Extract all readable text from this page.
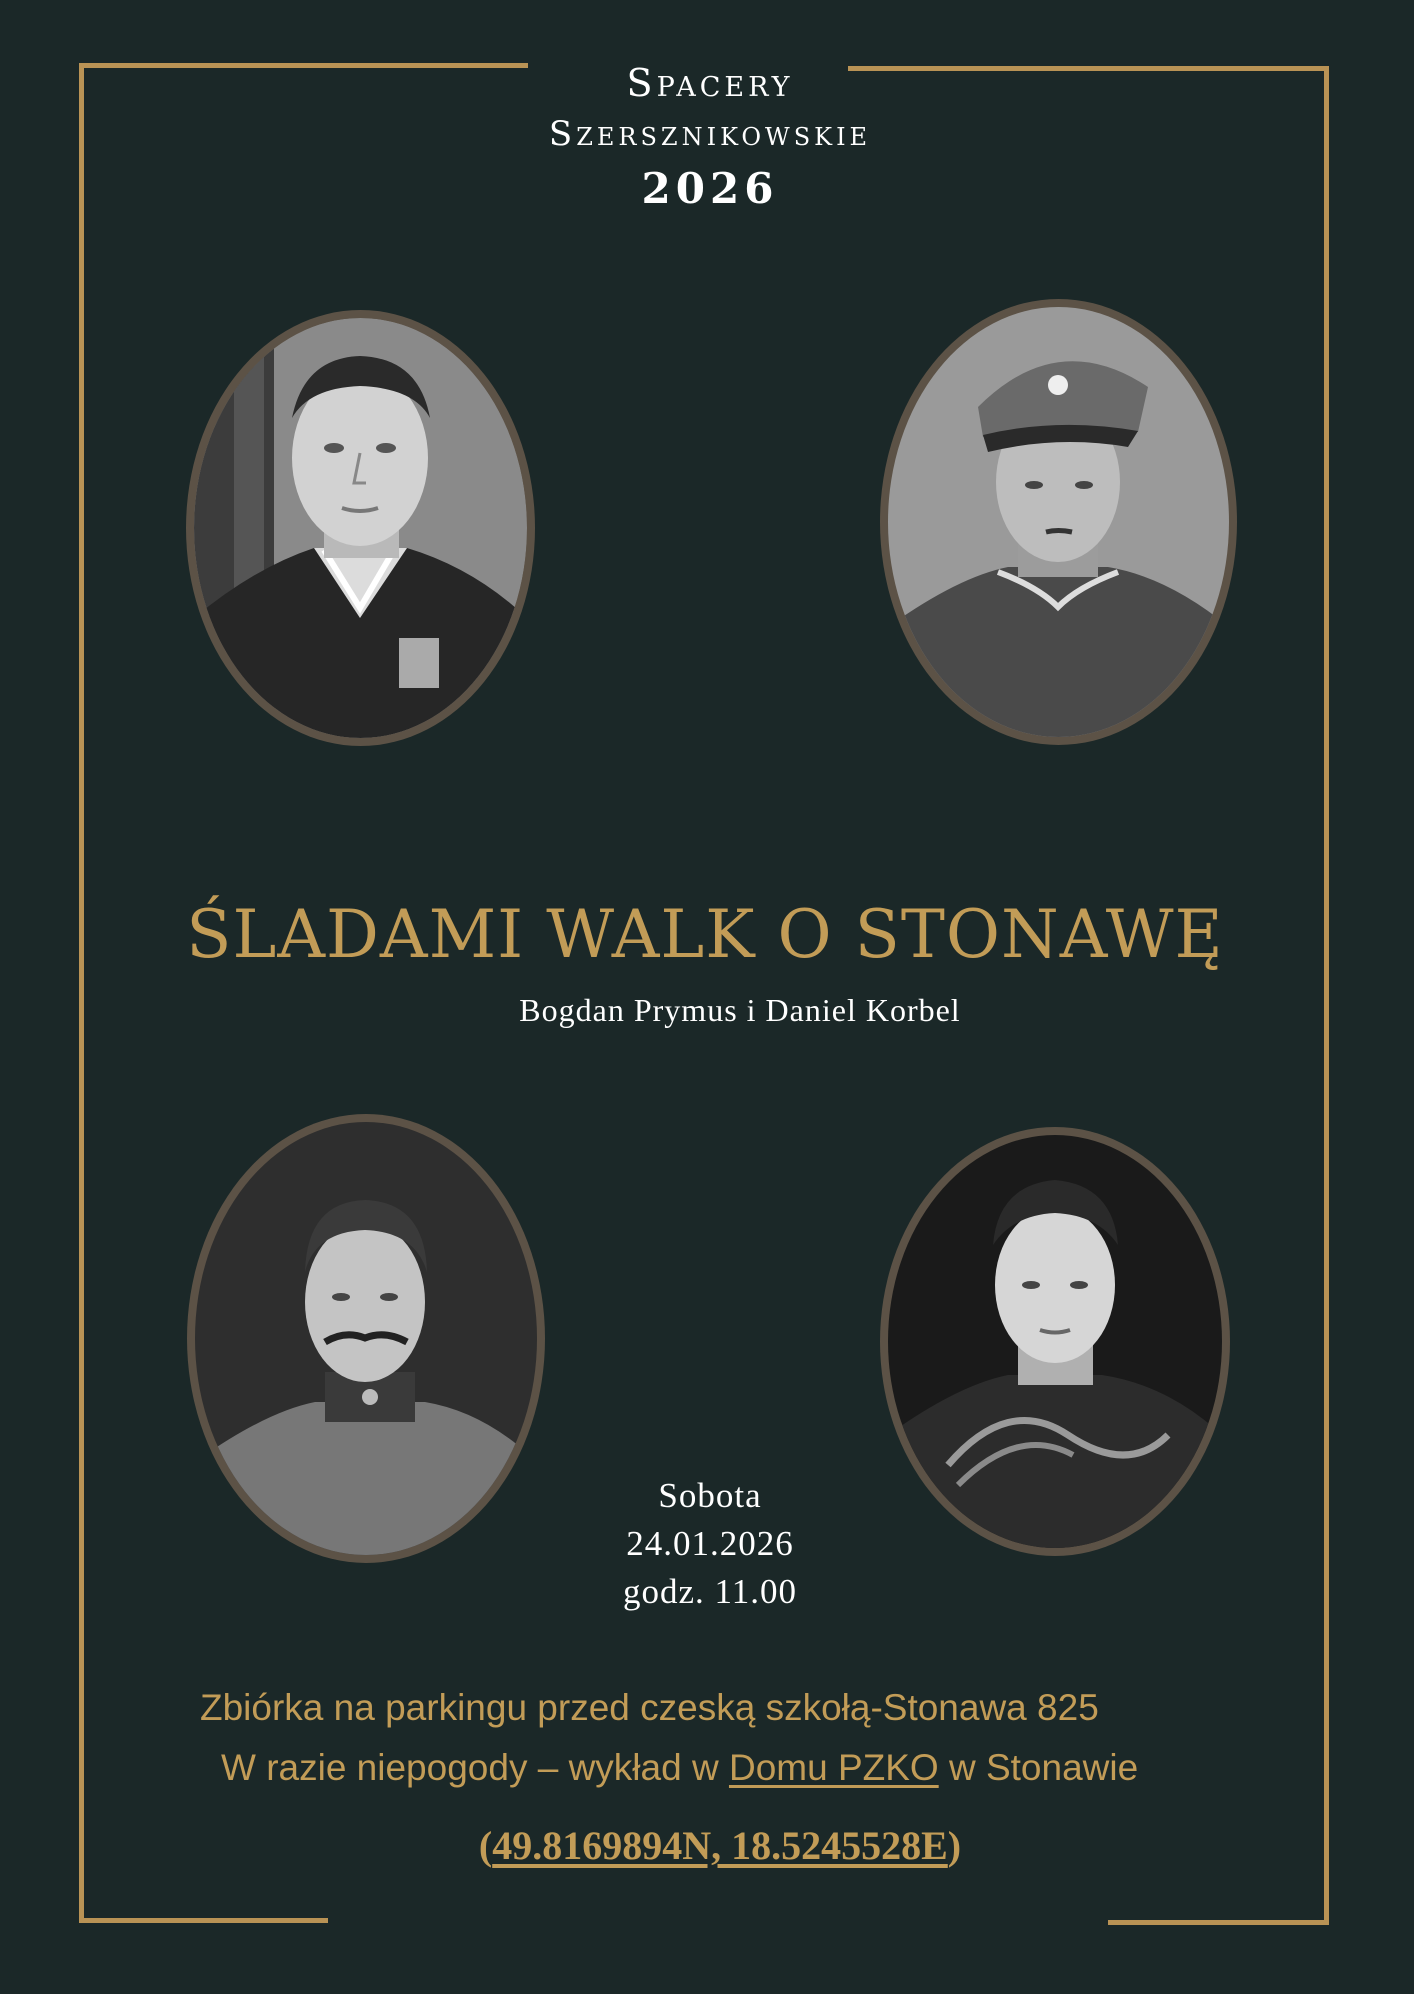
Spacery
Szersznikowskie
2026
ŚLADAMI WALK O STONAWĘ
Bogdan Prymus i Daniel Korbel
Sobota
24.01.2026
godz. 11.00
Zbiórka na parkingu przed czeską szkołą-Stonawa 825
W razie niepogody – wykład w Domu PZKO w Stonawie
(49.8169894N, 18.5245528E)
